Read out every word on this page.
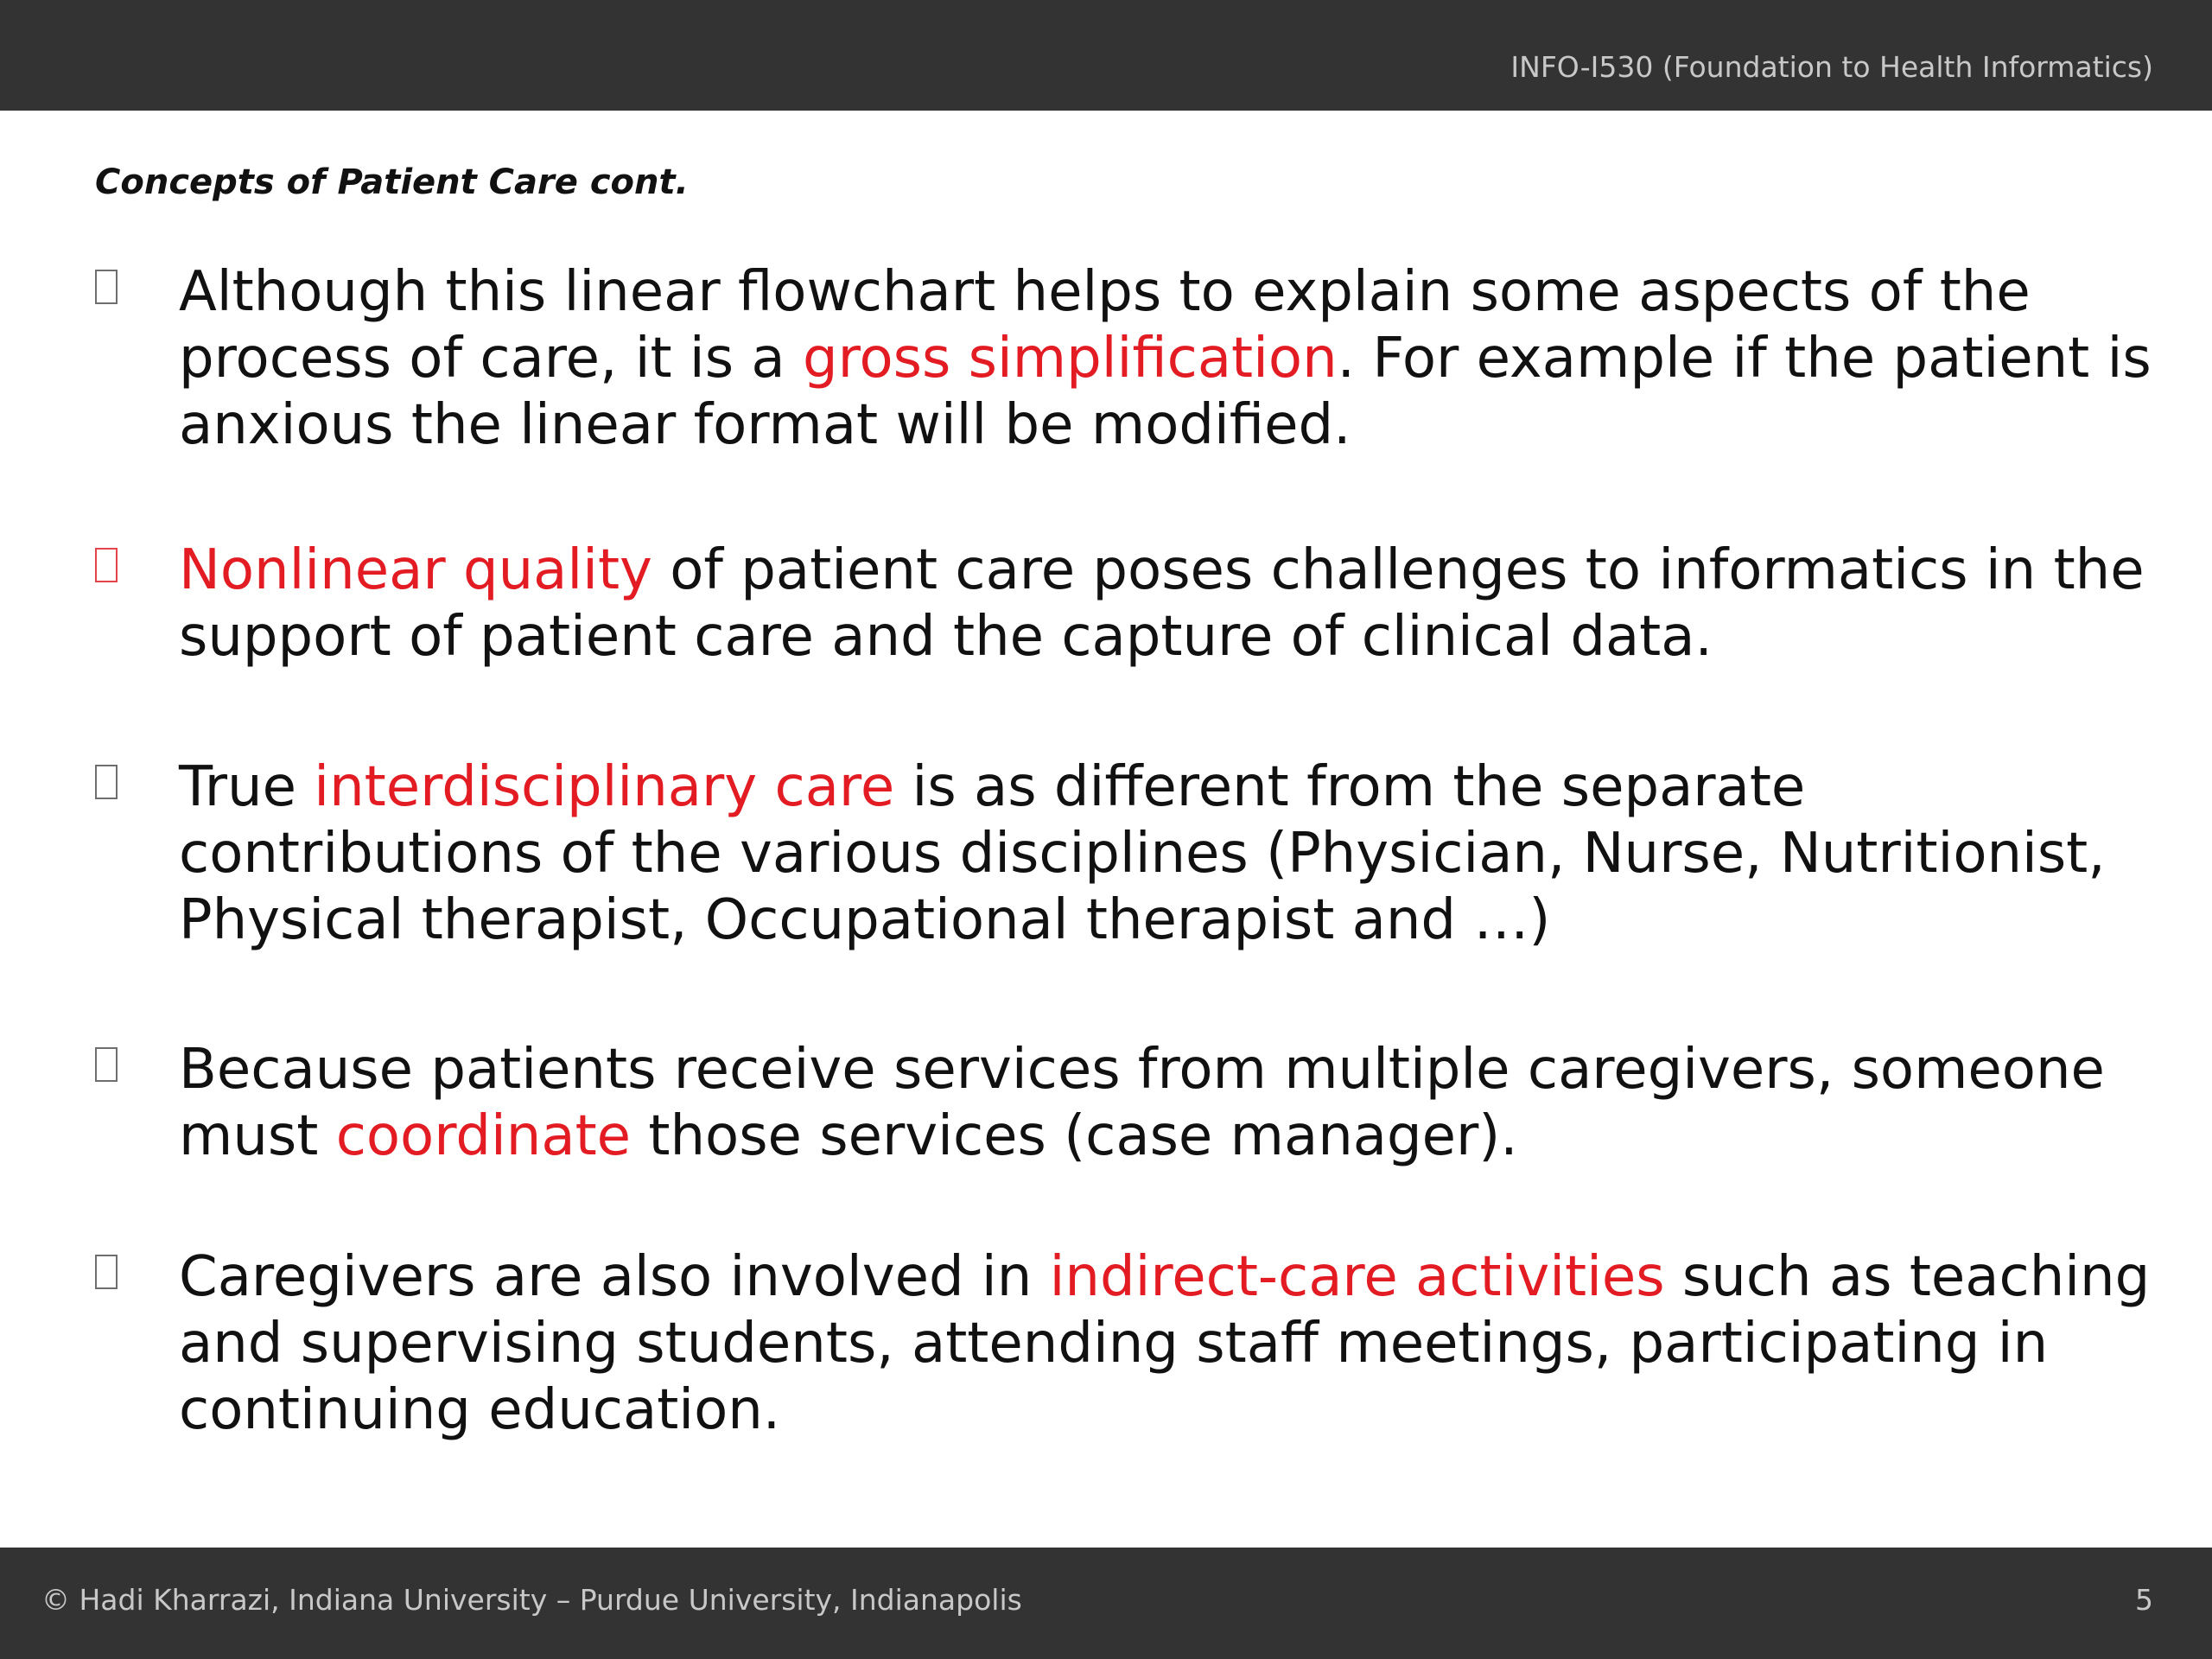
INFO-I530 (Foundation to Health Informatics)
Concepts of Patient Care cont.
Although this linear flowchart helps to explain some aspects of the process of care, it is a gross simplification. For example if the patient is anxious the linear format will be modified.
Nonlinear quality of patient care poses challenges to informatics in the support of patient care and the capture of clinical data.
True interdisciplinary care is as different from the separate contributions of the various disciplines (Physician, Nurse, Nutritionist, Physical therapist, Occupational therapist and …)
Because patients receive services from multiple caregivers, someone must coordinate those services (case manager).
Caregivers are also involved in indirect-care activities such as teaching and supervising students, attending staff meetings, participating in continuing education.
© Hadi Kharrazi, Indiana University – Purdue University, Indianapolis	5
